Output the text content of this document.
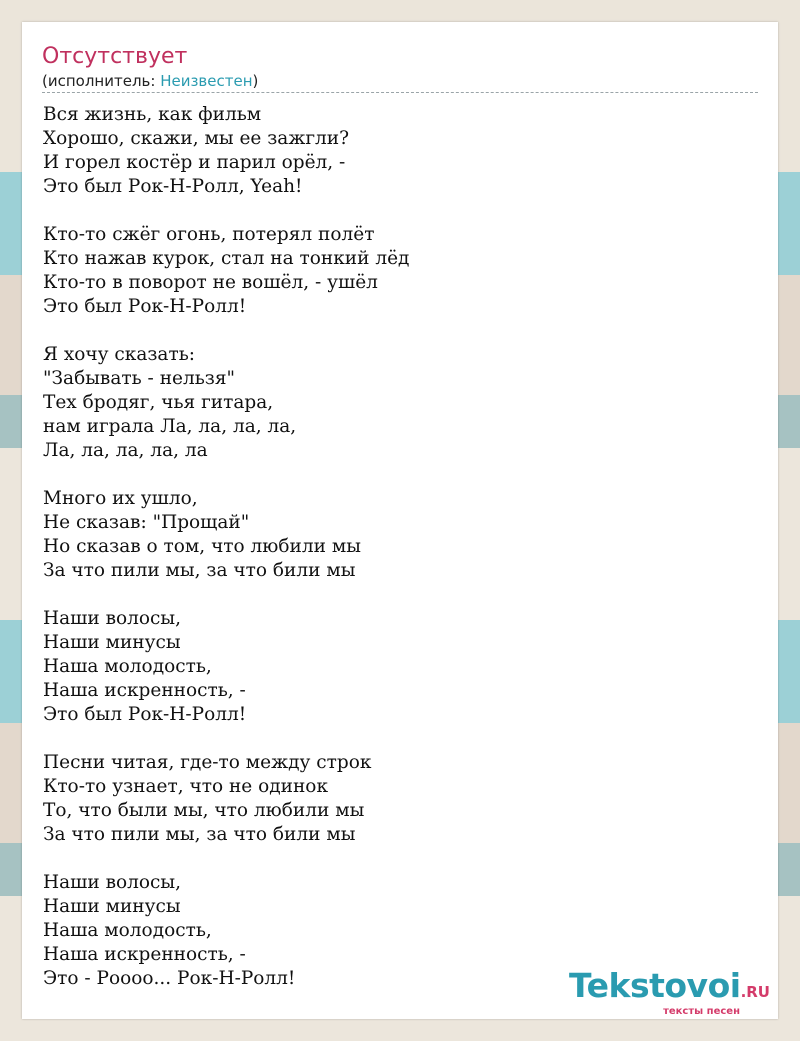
Отсутствует
(исполнитель: Неизвестен)
Вся жизнь, как фильм
Хорошо, скажи, мы ее зажгли?
И горел костёр и парил орёл, -
Это был Рок-Н-Ролл, Yeah!
Кто-то сжёг огонь, потерял полёт
Кто нажав курок, стал на тонкий лёд
Кто-то в поворот не вошёл, - ушёл
Это был Рок-Н-Ролл!
Я хочу сказать:
"Забывать - нельзя"
Тех бродяг, чья гитара,
нам играла Ла, ла, ла, ла,
Ла, ла, ла, ла, ла
Много их ушло,
Не сказав: "Прощай"
Но сказав о том, что любили мы
За что пили мы, за что били мы
Наши волосы,
Наши минусы
Наша молодость,
Наша искренность, -
Это был Рок-Н-Ролл!
Песни читая, где-то между строк
Кто-то узнает, что не одинок
То, что были мы, что любили мы
За что пили мы, за что били мы
Наши волосы,
Наши минусы
Наша молодость,
Наша искренность, -
Это - Роооо... Рок-Н-Ролл!	Tekstovoi.RU
тексты песен
